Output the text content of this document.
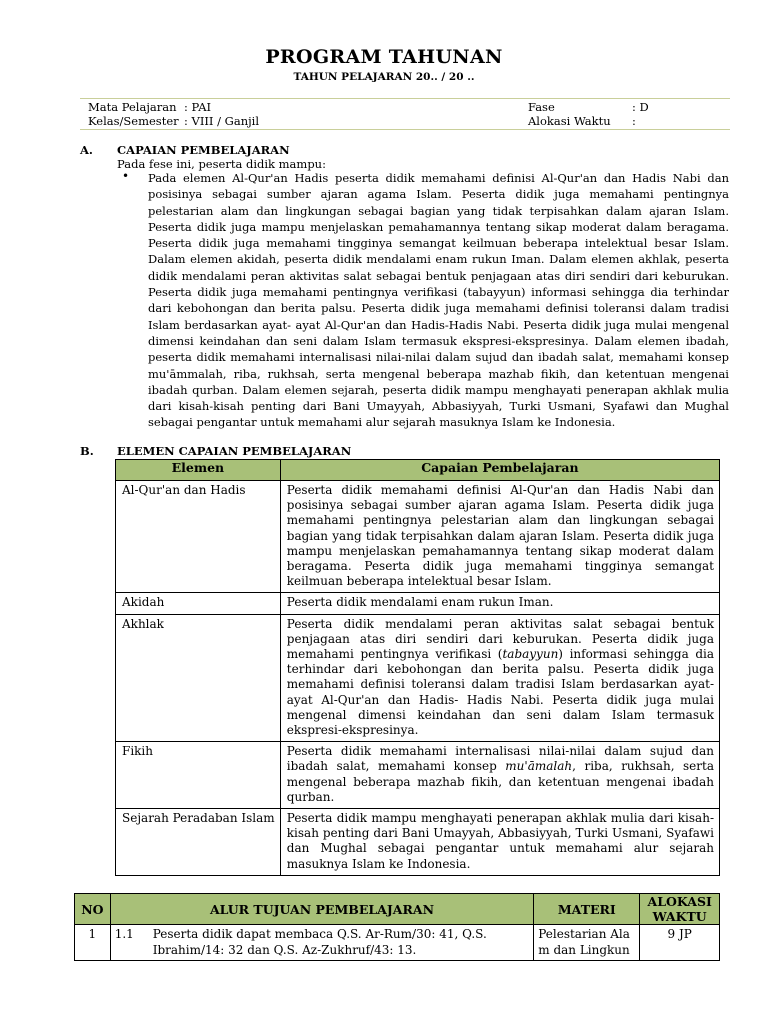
PROGRAM TAHUNAN
TAHUN PELAJARAN 20.. / 20 ..
Mata Pelajaran : PAI	Fase	: D
Kelas/Semester : VIII / Ganjil	Alokasi Waktu :
A. CAPAIAN PEMBELAJARAN
Pada fese ini, peserta didik mampu:
• Pada elemen Al-Qur'an Hadis peserta didik memahami definisi Al-Qur'an dan Hadis Nabi dan posisinya sebagai sumber ajaran agama Islam. Peserta didik juga memahami pentingnya pelestarian alam dan lingkungan sebagai bagian yang tidak terpisahkan dalam ajaran Islam. Peserta didik juga mampu menjelaskan pemahamannya tentang sikap moderat dalam beragama. Peserta didik juga memahami tingginya semangat keilmuan beberapa intelektual besar Islam. Dalam elemen akidah, peserta didik mendalami enam rukun Iman. Dalam elemen akhlak, peserta didik mendalami peran aktivitas salat sebagai bentuk penjagaan atas diri sendiri dari keburukan. Peserta didik juga memahami pentingnya verifikasi (tabayyun) informasi sehingga dia terhindar dari kebohongan dan berita palsu. Peserta didik juga memahami definisi toleransi dalam tradisi Islam berdasarkan ayat- ayat Al-Qur'an dan Hadis-Hadis Nabi. Peserta didik juga mulai mengenal dimensi keindahan dan seni dalam Islam termasuk ekspresi-ekspresinya. Dalam elemen ibadah, peserta didik memahami internalisasi nilai-nilai dalam sujud dan ibadah salat, memahami konsep mu'āmmalah, riba, rukhsah, serta mengenal beberapa mazhab fikih, dan ketentuan mengenai ibadah qurban. Dalam elemen sejarah, peserta didik mampu menghayati penerapan akhlak mulia dari kisah-kisah penting dari Bani Umayyah, Abbasiyyah, Turki Usmani, Syafawi dan Mughal sebagai pengantar untuk memahami alur sejarah masuknya Islam ke Indonesia.
B. ELEMEN CAPAIAN PEMBELAJARAN
Elemen	Capaian Pembelajaran
Al-Qur'an dan Hadis	Peserta didik memahami definisi Al-Qur'an dan Hadis Nabi dan posisinya sebagai sumber ajaran agama Islam. Peserta didik juga memahami pentingnya pelestarian alam dan lingkungan sebagai bagian yang tidak terpisahkan dalam ajaran Islam. Peserta didik juga mampu menjelaskan pemahamannya tentang sikap moderat dalam beragama. Peserta didik juga memahami tingginya semangat keilmuan beberapa intelektual besar Islam.
Akidah	Peserta didik mendalami enam rukun Iman.
Akhlak	Peserta didik mendalami peran aktivitas salat sebagai bentuk penjagaan atas diri sendiri dari keburukan. Peserta didik juga memahami pentingnya verifikasi (tabayyun) informasi sehingga dia terhindar dari kebohongan dan berita palsu. Peserta didik juga memahami definisi toleransi dalam tradisi Islam berdasarkan ayat-ayat Al-Qur'an dan Hadis- Hadis Nabi. Peserta didik juga mulai mengenal dimensi keindahan dan seni dalam Islam termasuk ekspresi-ekspresinya.
Fikih	Peserta didik memahami internalisasi nilai-nilai dalam sujud dan ibadah salat, memahami konsep mu'āmalah, riba, rukhsah, serta mengenal beberapa mazhab fikih, dan ketentuan mengenai ibadah qurban.
Sejarah Peradaban Islam	Peserta didik mampu menghayati penerapan akhlak mulia dari kisah-kisah penting dari Bani Umayyah, Abbasiyyah, Turki Usmani, Syafawi dan Mughal sebagai pengantar untuk memahami alur sejarah masuknya Islam ke Indonesia.
NO	ALUR TUJUAN PEMBELAJARAN	MATERI	ALOKASI WAKTU
1	1.1 Peserta didik dapat membaca Q.S. Ar-Rum/30: 41, Q.S. Ibrahim/14: 32 dan Q.S. Az-Zukhruf/43: 13.	Pelestarian Ala m dan Lingkun	9 JP
